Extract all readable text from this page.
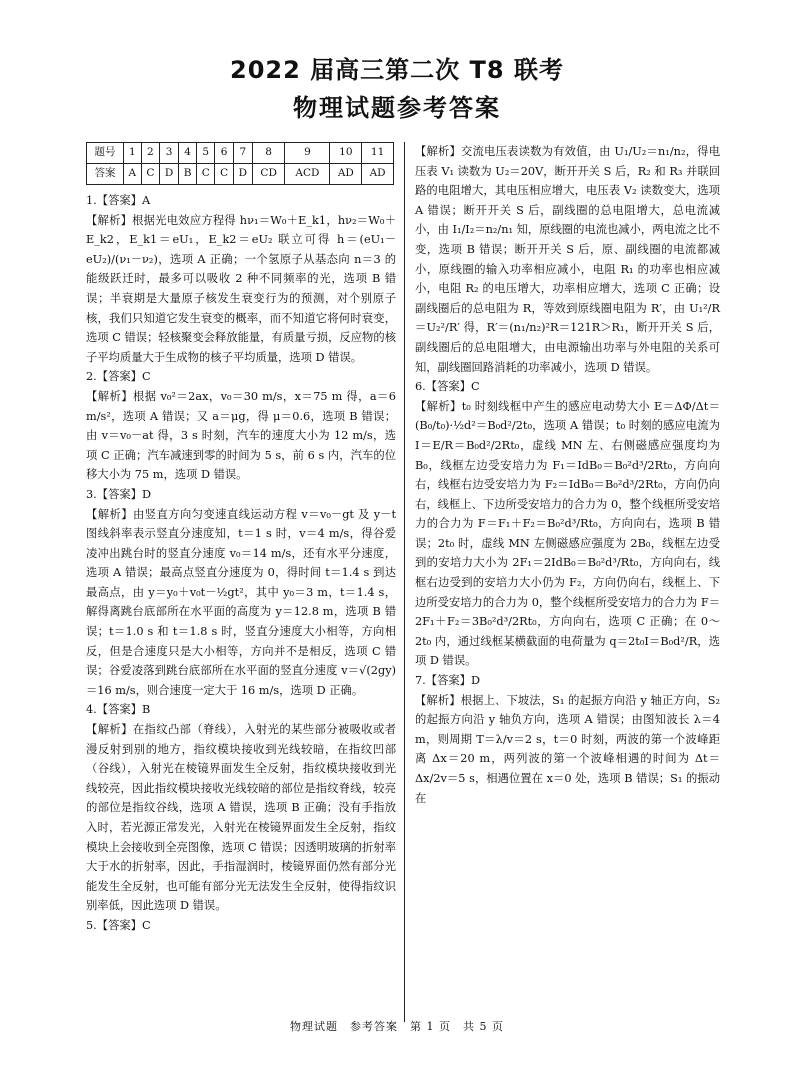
2022 届高三第二次 T8 联考
物理试题参考答案
题号	1	2	3	4	5	6	7	8	9	10	11
答案	A	C	D	B	C	C	D	CD	ACD	AD	AD

1.【答案】A

【解析】根据光电效应方程得 hν₁＝W₀＋E_k1，hν₂＝W₀＋E_k2，E_k1＝eU₁，E_k2＝eU₂ 联立可得 h＝(eU₁－eU₂)/(ν₁－ν₂)，选项 A 正确；一个氢原子从基态向 n＝3 的能级跃迁时，最多可以吸收 2 种不同频率的光，选项 B 错误；半衰期是大量原子核发生衰变行为的预测，对个别原子核，我们只知道它发生衰变的概率，而不知道它将何时衰变，选项 C 错误；轻核聚变会释放能量，有质量亏损，反应物的核子平均质量大于生成物的核子平均质量，选项 D 错误。

2.【答案】C

【解析】根据 v₀²＝2ax，v₀＝30 m/s，x＝75 m 得，a＝6 m/s²，选项 A 错误；又 a＝μg，得 μ＝0.6，选项 B 错误；由 v＝v₀－at 得，3 s 时刻，汽车的速度大小为 12 m/s，选项 C 正确；汽车减速到零的时间为 5 s，前 6 s 内，汽车的位移大小为 75 m，选项 D 错误。

3.【答案】D

【解析】由竖直方向匀变速直线运动方程 v＝v₀－gt 及 y－t 图线斜率表示竖直分速度知，t＝1 s 时，v＝4 m/s，得谷爱凌冲出跳台时的竖直分速度 v₀＝14 m/s，还有水平分速度，选项 A 错误；最高点竖直分速度为 0，得时间 t＝1.4 s 到达最高点，由 y＝y₀＋v₀t－½gt²，其中 y₀＝3 m，t＝1.4 s，解得离跳台底部所在水平面的高度为 y＝12.8 m，选项 B 错误；t＝1.0 s 和 t＝1.8 s 时，竖直分速度大小相等，方向相反，但是合速度只是大小相等，方向并不是相反，选项 C 错误；谷爱凌落到跳台底部所在水平面的竖直分速度 v＝√(2gy)＝16 m/s，则合速度一定大于 16 m/s，选项 D 正确。

4.【答案】B

【解析】在指纹凸部（脊线），入射光的某些部分被吸收或者漫反射到别的地方，指纹模块接收到光线较暗，在指纹凹部（谷线），入射光在棱镜界面发生全反射，指纹模块接收到光线较亮，因此指纹模块接收光线较暗的部位是指纹脊线，较亮的部位是指纹谷线，选项 A 错误，选项 B 正确；没有手指放入时，若光源正常发光，入射光在棱镜界面发生全反射，指纹模块上会接收到全亮图像，选项 C 错误；因透明玻璃的折射率大于水的折射率，因此，手指湿润时，棱镜界面仍然有部分光能发生全反射，也可能有部分光无法发生全反射，使得指纹识别率低，因此选项 D 错误。

5.【答案】C

【解析】交流电压表读数为有效值，由 U₁/U₂＝n₁/n₂，得电压表 V₁ 读数为 U₂＝20V，断开开关 S 后，R₂ 和 R₃ 并联回路的电阻增大，其电压相应增大，电压表 V₂ 读数变大，选项 A 错误；断开开关 S 后，副线圈的总电阻增大，总电流减小，由 I₁/I₂＝n₂/n₁ 知，原线圈的电流也减小，两电流之比不变，选项 B 错误；断开开关 S 后，原、副线圈的电流都减小，原线圈的输入功率相应减小，电阻 R₁ 的功率也相应减小，电阻 R₂ 的电压增大，功率相应增大，选项 C 正确；设副线圈后的总电阻为 R，等效到原线圈电阻为 R′，由 U₁²/R＝U₂²/R′ 得，R′＝(n₁/n₂)²R＝121R＞R₁，断开开关 S 后，副线圈后的总电阻增大，由电源输出功率与外电阻的关系可知，副线圈回路消耗的功率减小，选项 D 错误。

6.【答案】C

【解析】t₀ 时刻线框中产生的感应电动势大小 E＝ΔΦ/Δt＝(B₀/t₀)·½d²＝B₀d²/2t₀，选项 A 错误；t₀ 时刻的感应电流为 I＝E/R＝B₀d²/2Rt₀，虚线 MN 左、右侧磁感应强度均为 B₀，线框左边受安培力为 F₁＝IdB₀＝B₀²d³/2Rt₀，方向向右，线框右边受安培力为 F₂＝IdB₀＝B₀²d³/2Rt₀，方向仍向右，线框上、下边所受安培力的合力为 0，整个线框所受安培力的合力为 F＝F₁＋F₂＝B₀²d³/Rt₀，方向向右，选项 B 错误；2t₀ 时，虚线 MN 左侧磁感应强度为 2B₀，线框左边受到的安培力大小为 2F₁＝2IdB₀＝B₀²d³/Rt₀，方向向右，线框右边受到的安培力大小仍为 F₂，方向仍向右，线框上、下边所受安培力的合力为 0，整个线框所受安培力的合力为 F＝2F₁＋F₂＝3B₀²d³/2Rt₀，方向向右，选项 C 正确；在 0～2t₀ 内，通过线框某横截面的电荷量为 q＝2t₀I＝B₀d²/R，选项 D 错误。

7.【答案】D

【解析】根据上、下坡法，S₁ 的起振方向沿 y 轴正方向，S₂ 的起振方向沿 y 轴负方向，选项 A 错误；由图知波长 λ＝4 m，则周期 T＝λ/v＝2 s，t＝0 时刻，两波的第一个波峰距离 Δx＝20 m，两列波的第一个波峰相遇的时间为 Δt＝Δx/2v＝5 s，相遇位置在 x＝0 处，选项 B 错误；S₁ 的振动在

物理试题　参考答案　第 1 页　共 5 页
